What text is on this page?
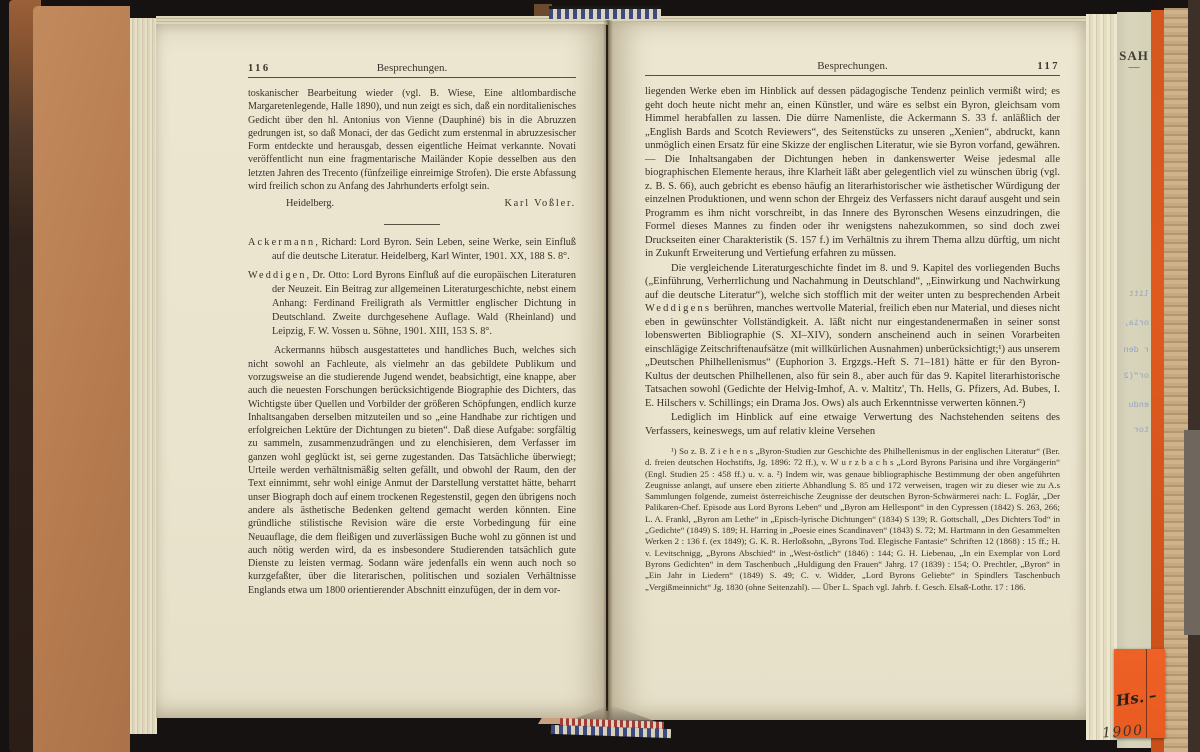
116	Besprechungen.

toskanischer Bearbeitung wieder (vgl. B. Wiese, Eine altlombardische Margaretenlegende, Halle 1890), und nun zeigt es sich, daß ein norditalienisches Gedicht über den hl. Antonius von Vienne (Dauphiné) bis in die Abruzzen gedrungen ist, so daß Monaci, der das Gedicht zum erstenmal in abruzzesischer Form entdeckte und herausgab, dessen eigentliche Heimat verkannte. Novati veröffentlicht nun eine fragmentarische Mailänder Kopie desselben aus den letzten Jahren des Trecento (fünfzeilige einreimige Strofen). Die erste Abfassung wird freilich schon zu Anfang des Jahrhunderts erfolgt sein.

Heidelberg.	Karl Voßler.

Ackermann, Richard: Lord Byron. Sein Leben, seine Werke, sein Einfluß auf die deutsche Literatur. Heidelberg, Karl Winter, 1901. XX, 188 S. 8°.

Weddigen, Dr. Otto: Lord Byrons Einfluß auf die europäischen Literaturen der Neuzeit. Ein Beitrag zur allgemeinen Literaturgeschichte, nebst einem Anhang: Ferdinand Freiligrath als Vermittler englischer Dichtung in Deutschland. Zweite durchgesehene Auflage. Wald (Rheinland) und Leipzig, F. W. Vossen u. Söhne, 1901. XIII, 153 S. 8°.

Ackermanns hübsch ausgestattetes und handliches Buch, welches sich nicht sowohl an Fachleute, als vielmehr an das gebildete Publikum und vorzugsweise an die studierende Jugend wendet, beabsichtigt, eine knappe, aber auch die neuesten Forschungen berücksichtigende Biographie des Dichters, das Wichtigste über Quellen und Vorbilder der größeren Schöpfungen, endlich kurze Inhaltsangaben derselben mitzuteilen und so „eine Handhabe zur richtigen und erfolgreichen Lektüre der Dichtungen zu bieten“. Daß diese Aufgabe: sorgfältig zu sammeln, zusammenzudrängen und zu elenchisieren, dem Verfasser im ganzen wohl geglückt ist, sei gerne zugestanden. Das Tatsächliche überwiegt; Urteile werden verhältnismäßig selten gefällt, und obwohl der Raum, den der Text einnimmt, sehr wohl einige Anmut der Darstellung verstattet hätte, beharrt unser Biograph doch auf einem trockenen Regestenstil, gegen den übrigens noch andere als ästhetische Bedenken geltend gemacht werden könnten. Eine gründliche stilistische Revision wäre die erste Vorbedingung für eine Neuauflage, die dem fleißigen und zuverlässigen Buche wohl zu gönnen ist und auch nötig werden wird, da es insbesondere Studierenden tatsächlich gute Dienste zu leisten vermag. Sodann wäre jedenfalls ein wenn auch noch so kurzgefaßter, über die literarischen, politischen und sozialen Verhältnisse Englands etwa um 1800 orientierender Abschnitt einzufügen, der in dem vor-

Besprechungen.	117

liegenden Werke eben im Hinblick auf dessen pädagogische Tendenz peinlich vermißt wird; es geht doch heute nicht mehr an, einen Künstler, und wäre es selbst ein Byron, gleichsam vom Himmel herabfallen zu lassen. Die dürre Namenliste, die Ackermann S. 33 f. anläßlich der „English Bards and Scotch Reviewers“, des Seitenstücks zu unseren „Xenien“, abdruckt, kann unmöglich einen Ersatz für eine Skizze der englischen Literatur, wie sie Byron vorfand, gewähren. — Die Inhaltsangaben der Dichtungen heben in dankenswerter Weise jedesmal alle biographischen Elemente heraus, ihre Klarheit läßt aber gelegentlich viel zu wünschen übrig (vgl. z. B. S. 66), auch gebricht es ebenso häufig an literarhistorischer wie ästhetischer Würdigung der einzelnen Produktionen, und wenn schon der Ehrgeiz des Verfassers nicht darauf ausgeht und sein Programm es ihm nicht vorschreibt, in das Innere des Byronschen Wesens einzudringen, die Formel dieses Mannes zu finden oder ihr wenigstens nahezukommen, so sind doch zwei Druckseiten einer Charakteristik (S. 157 f.) im Verhältnis zu ihrem Thema allzu dürftig, um nicht in Zukunft Erweiterung und Vertiefung erfahren zu müssen.

Die vergleichende Literaturgeschichte findet im 8. und 9. Kapitel des vorliegenden Buchs („Einführung, Verherrlichung und Nachahmung in Deutschland“, „Einwirkung und Nachwirkung auf die deutsche Literatur“), welche sich stofflich mit der weiter unten zu besprechenden Arbeit Weddigens berühren, manches wertvolle Material, freilich eben nur Material, und dieses nicht eben in gewünschter Vollständigkeit. A. läßt nicht nur eingestandenermaßen in seiner sonst lobenswerten Bibliographie (S. XI–XIV), sondern anscheinend auch in seinen Vorarbeiten einschlägige Zeitschriftenaufsätze (mit willkürlichen Ausnahmen) unberücksichtigt;¹) aus unserem „Deutschen Philhellenismus“ (Euphorion 3. Ergzgs.-Heft S. 71–181) hätte er für den Byron-Kultus der deutschen Philhellenen, also für sein 8., aber auch für das 9. Kapitel literarhistorische Tatsachen sowohl (Gedichte der Helvig-Imhof, A. v. Maltitz', Th. Hells, G. Pfizers, Ad. Bubes, I. E. Hilschers v. Schillings; ein Drama Jos. Ows) als auch Erkenntnisse verwerten können.²)

Lediglich im Hinblick auf eine etwaige Verwertung des Nachstehenden seitens des Verfassers, keineswegs, um auf relativ kleine Versehen

¹) So z. B. Z i e h e n s „Byron-Studien zur Geschichte des Philhellenismus in der englischen Literatur“ (Ber. d. freien deutschen Hochstifts, Jg. 1896: 72 ff.), v. W u r z b a c h s „Lord Byrons Parisina und ihre Vorgängerin“ (Engl. Studien 25 : 458 ff.) u. v. a. ²) Indem wir, was genaue bibliographische Bestimmung der oben angeführten Zeugnisse anlangt, auf unsere eben zitierte Abhandlung S. 85 und 172 verweisen, tragen wir zu dieser wie zu A.s Sammlungen folgende, zumeist österreichische Zeugnisse der deutschen Byron-Schwärmerei nach: L. Foglár, „Der Palikaren-Chef. Episode aus Lord Byrons Leben“ und „Byron am Hellespont“ in den Cypressen (1842) S. 263, 266; L. A. Frankl, „Byron am Lethe“ in „Episch-lyrische Dichtungen“ (1834) S 139; R. Gottschall, „Des Dichters Tod“ in „Gedichte“ (1849) S. 189; H. Harring in „Poesie eines Scandinaven“ (1843) S. 72; M. Hartmann in den Gesammelten Werken 2 : 136 f. (ex 1849); G. K. R. Herloßsohn, „Byrons Tod. Elegische Fantasie“ Schriften 12 (1868) : 15 ff.; H. v. Levitschnigg, „Byrons Abschied“ in „West-östlich“ (1846) : 144; G. H. Liebenau, „In ein Exemplar von Lord Byrons Gedichten“ in dem Taschenbuch „Huldigung den Frauen“ Jahrg. 17 (1839) : 154; O. Prechtler, „Byron“ in „Ein Jahr in Liedern“ (1849) S. 49; C. v. Widder, „Lord Byrons Geliebte“ in Spindlers Taschenbuch „Vergißmeinnicht“ Jg. 1830 (ohne Seitenzahl). — Über L. Spach vgl. Jahrb. f. Gesch. Elsaß-Lothr. 17 : 186.

SAH
—
litt
oria,
r den
or“(2
endu
tor
Hs. –
1900
